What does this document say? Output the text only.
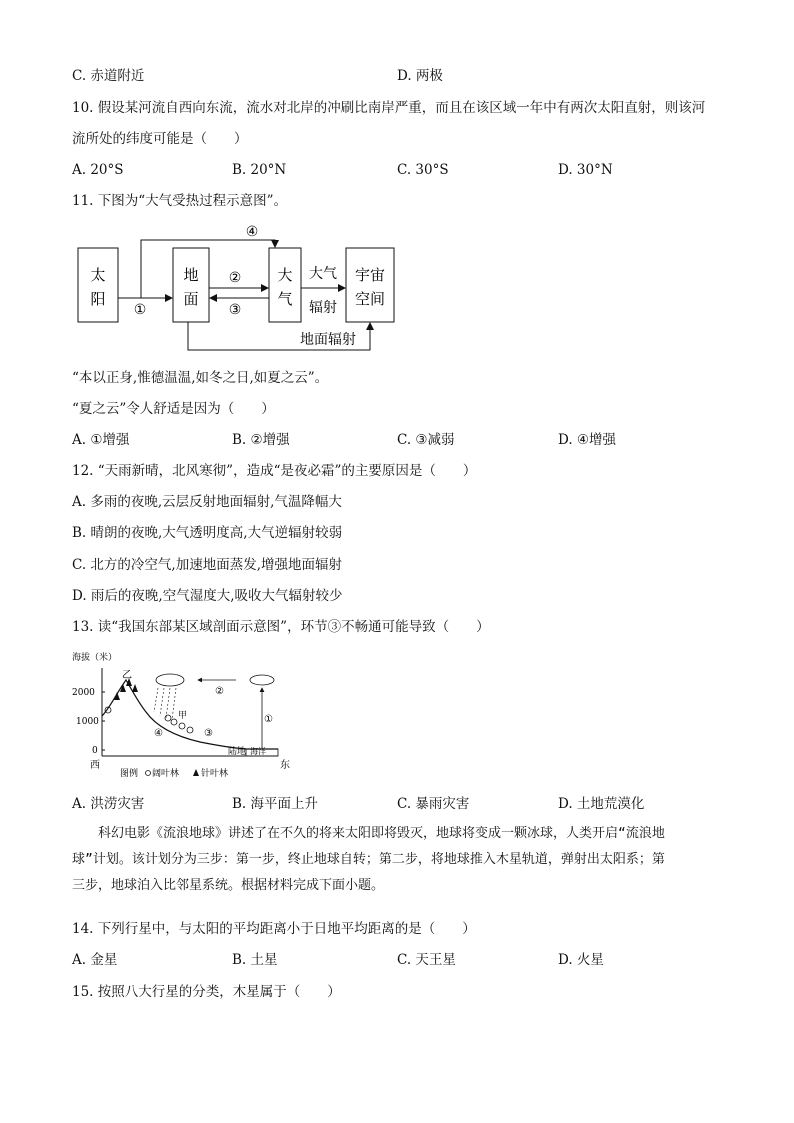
C. 赤道附近	D. 两极
10. 假设某河流自西向东流，流水对北岸的冲刷比南岸严重，而且在该区域一年中有两次太阳直射，则该河
流所处的纬度可能是（　　）
A. 20°S	B. 20°N	C. 30°S	D. 30°N
11. 下图为“大气受热过程示意图”。
太
阳
地
面
大
气
宇宙
空间
①
④
②
③
大气
辐射
地面辐射
“本以正身,惟德温温,如冬之日,如夏之云”。
“夏之云”令人舒适是因为（　　）
A. ①增强	B. ②增强	C. ③减弱	D. ④增强
12. “天雨新晴，北风寒彻”，造成“是夜必霜”的主要原因是（　　）
A. 多雨的夜晚,云层反射地面辐射,气温降幅大
B. 晴朗的夜晚,大气透明度高,大气逆辐射较弱
C. 北方的冷空气,加速地面蒸发,增强地面辐射
D. 雨后的夜晚,空气湿度大,吸收大气辐射较少
13. 读“我国东部某区域剖面示意图”，环节③不畅通可能导致（　　）
海拔（米）
2000
1000
0
②
①
④	③
乙
甲
陆地 海洋
西	东
图例 阔叶林 针叶林
A. 洪涝灾害	B. 海平面上升	C. 暴雨灾害	D. 土地荒漠化
　　科幻电影《流浪地球》讲述了在不久的将来太阳即将毁灭，地球将变成一颗冰球，人类开启“流浪地
球”计划。该计划分为三步：第一步，终止地球自转；第二步，将地球推入木星轨道，弹射出太阳系；第
三步，地球泊入比邻星系统。根据材料完成下面小题。
14. 下列行星中，与太阳的平均距离小于日地平均距离的是（　　）
A. 金星	B. 土星	C. 天王星	D. 火星
15. 按照八大行星的分类，木星属于（　　）
